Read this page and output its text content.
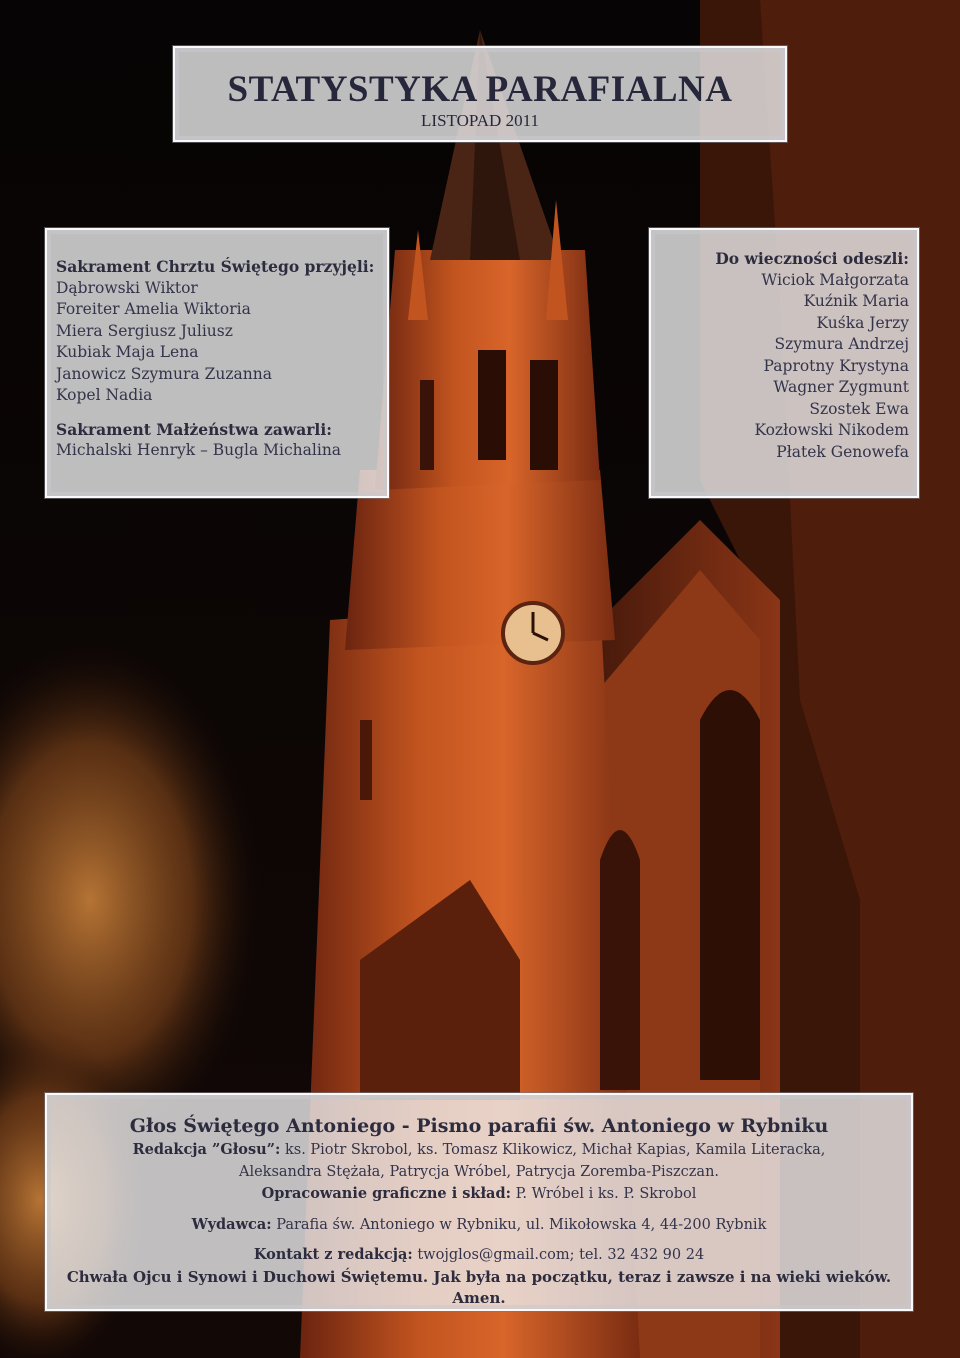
STATYSTYKA PARAFIALNA

LISTOPAD 2011

Sakrament Chrztu Świętego przyjęli:
Dąbrowski Wiktor
Foreiter Amelia Wiktoria
Miera Sergiusz Juliusz
Kubiak Maja Lena
Janowicz Szymura Zuzanna
Kopel Nadia
Sakrament Małżeństwa zawarli:
Michalski Henryk – Bugla Michalina
Do wieczności odeszli:
Wiciok Małgorzata
Kuźnik Maria
Kuśka Jerzy
Szymura Andrzej
Paprotny Krystyna
Wagner Zygmunt
Szostek Ewa
Kozłowski Nikodem
Płatek Genowefa
Głos Świętego Antoniego - Pismo parafii św. Antoniego w Rybniku
Redakcja ”Głosu”: ks. Piotr Skrobol, ks. Tomasz Klikowicz, Michał Kapias, Kamila Literacka,
Aleksandra Stężała, Patrycja Wróbel, Patrycja Zoremba-Piszczan.
Opracowanie graficzne i skład: P. Wróbel i ks. P. Skrobol
Wydawca: Parafia św. Antoniego w Rybniku, ul. Mikołowska 4, 44-200 Rybnik
Kontakt z redakcją: twojglos@gmail.com; tel. 32 432 90 24
Chwała Ojcu i Synowi i Duchowi Świętemu. Jak była na początku, teraz i zawsze i na wieki wieków. Amen.
